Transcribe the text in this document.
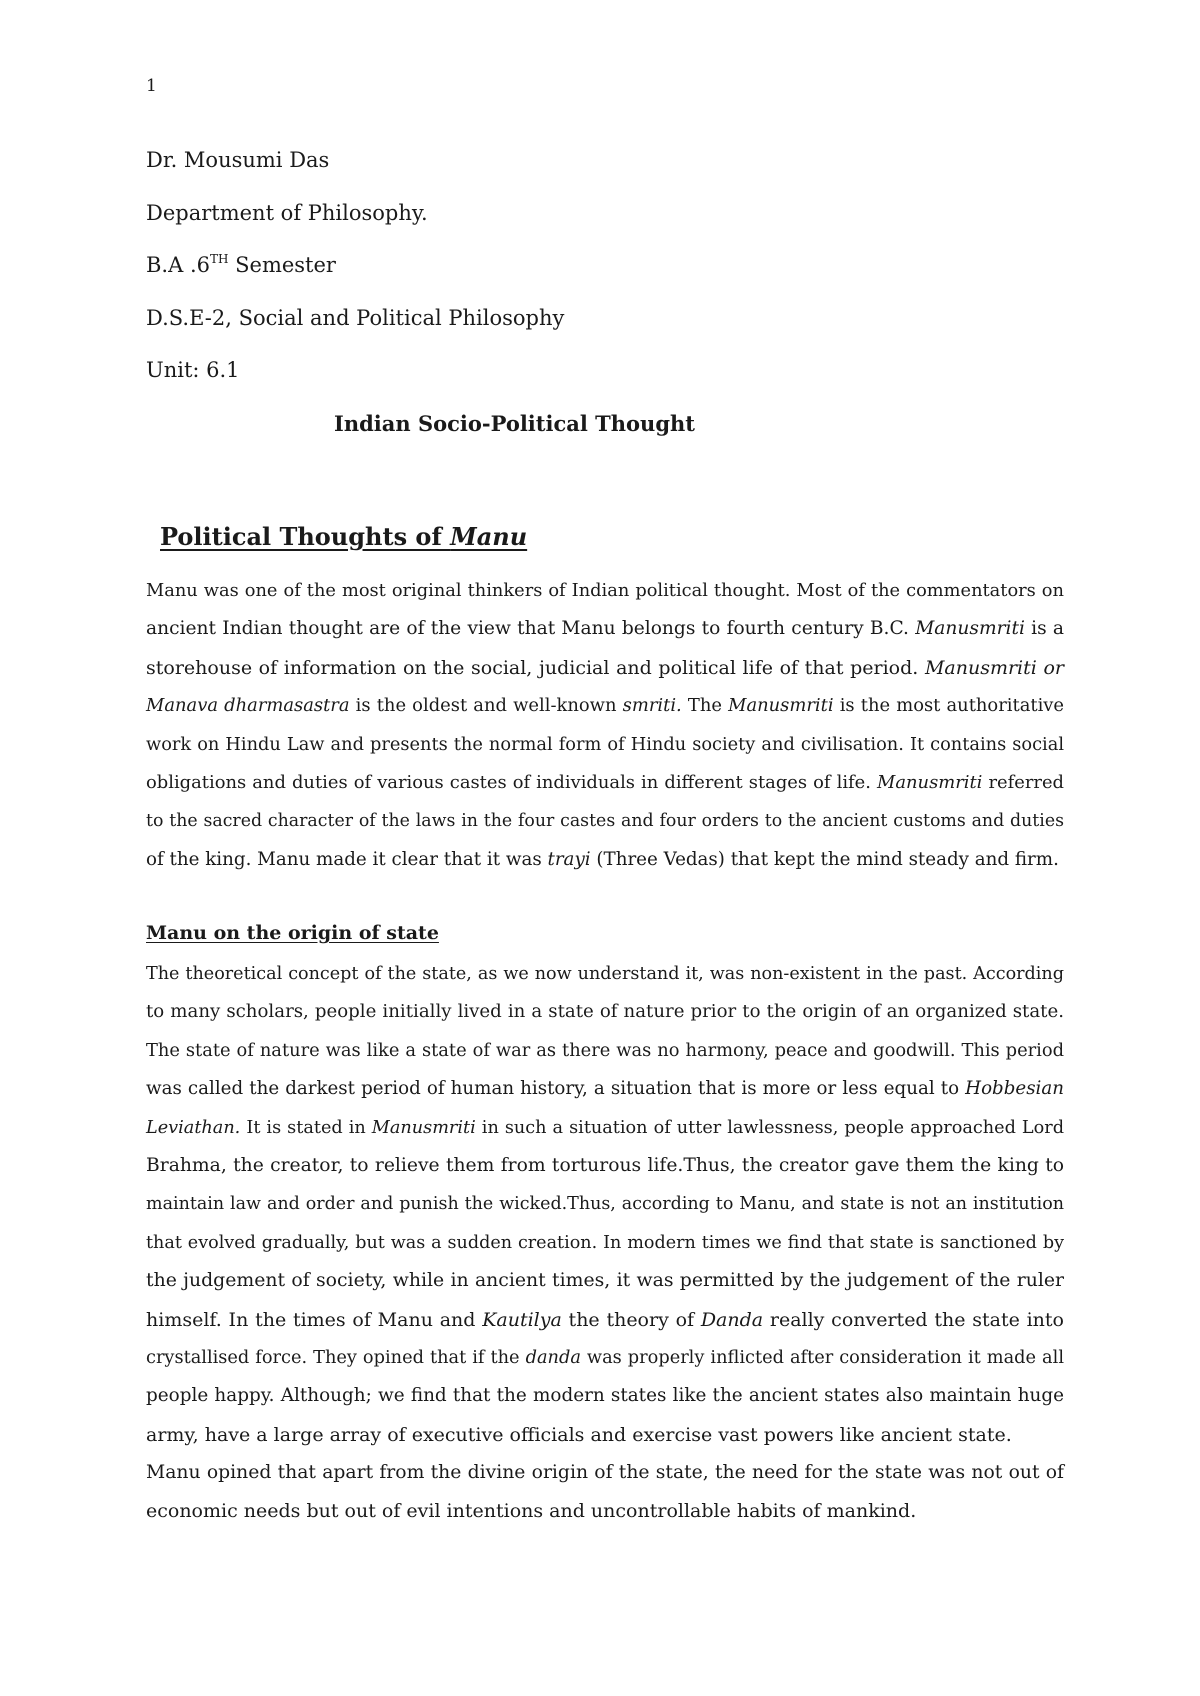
1
Dr. Mousumi Das
Department of Philosophy.
B.A .6TH Semester
D.S.E-2, Social and Political Philosophy
Unit: 6.1
Indian Socio-Political Thought
Political Thoughts of Manu
Manu was one of the most original thinkers of Indian political thought. Most of the commentators on
ancient Indian thought are of the view that Manu belongs to fourth century B.C. Manusmriti is a
storehouse of information on the social, judicial and political life of that period. Manusmriti or
Manava dharmasastra is the oldest and well-known smriti. The Manusmriti is the most authoritative
work on Hindu Law and presents the normal form of Hindu society and civilisation. It contains social
obligations and duties of various castes of individuals in different stages of life. Manusmriti referred
to the sacred character of the laws in the four castes and four orders to the ancient customs and duties
of the king. Manu made it clear that it was trayi (Three Vedas) that kept the mind steady and firm.
Manu on the origin of state
The theoretical concept of the state, as we now understand it, was non-existent in the past. According
to many scholars, people initially lived in a state of nature prior to the origin of an organized state.
The state of nature was like a state of war as there was no harmony, peace and goodwill. This period
was called the darkest period of human history, a situation that is more or less equal to Hobbesian
Leviathan. It is stated in Manusmriti in such a situation of utter lawlessness, people approached Lord
Brahma, the creator, to relieve them from torturous life.Thus, the creator gave them the king to
maintain law and order and punish the wicked.Thus, according to Manu, and state is not an institution
that evolved gradually, but was a sudden creation. In modern times we find that state is sanctioned by
the judgement of society, while in ancient times, it was permitted by the judgement of the ruler
himself. In the times of Manu and Kautilya the theory of Danda really converted the state into
crystallised force. They opined that if the danda was properly inflicted after consideration it made all
people happy. Although; we find that the modern states like the ancient states also maintain huge
army, have a large array of executive officials and exercise vast powers like ancient state.
Manu opined that apart from the divine origin of the state, the need for the state was not out of
economic needs but out of evil intentions and uncontrollable habits of mankind.
